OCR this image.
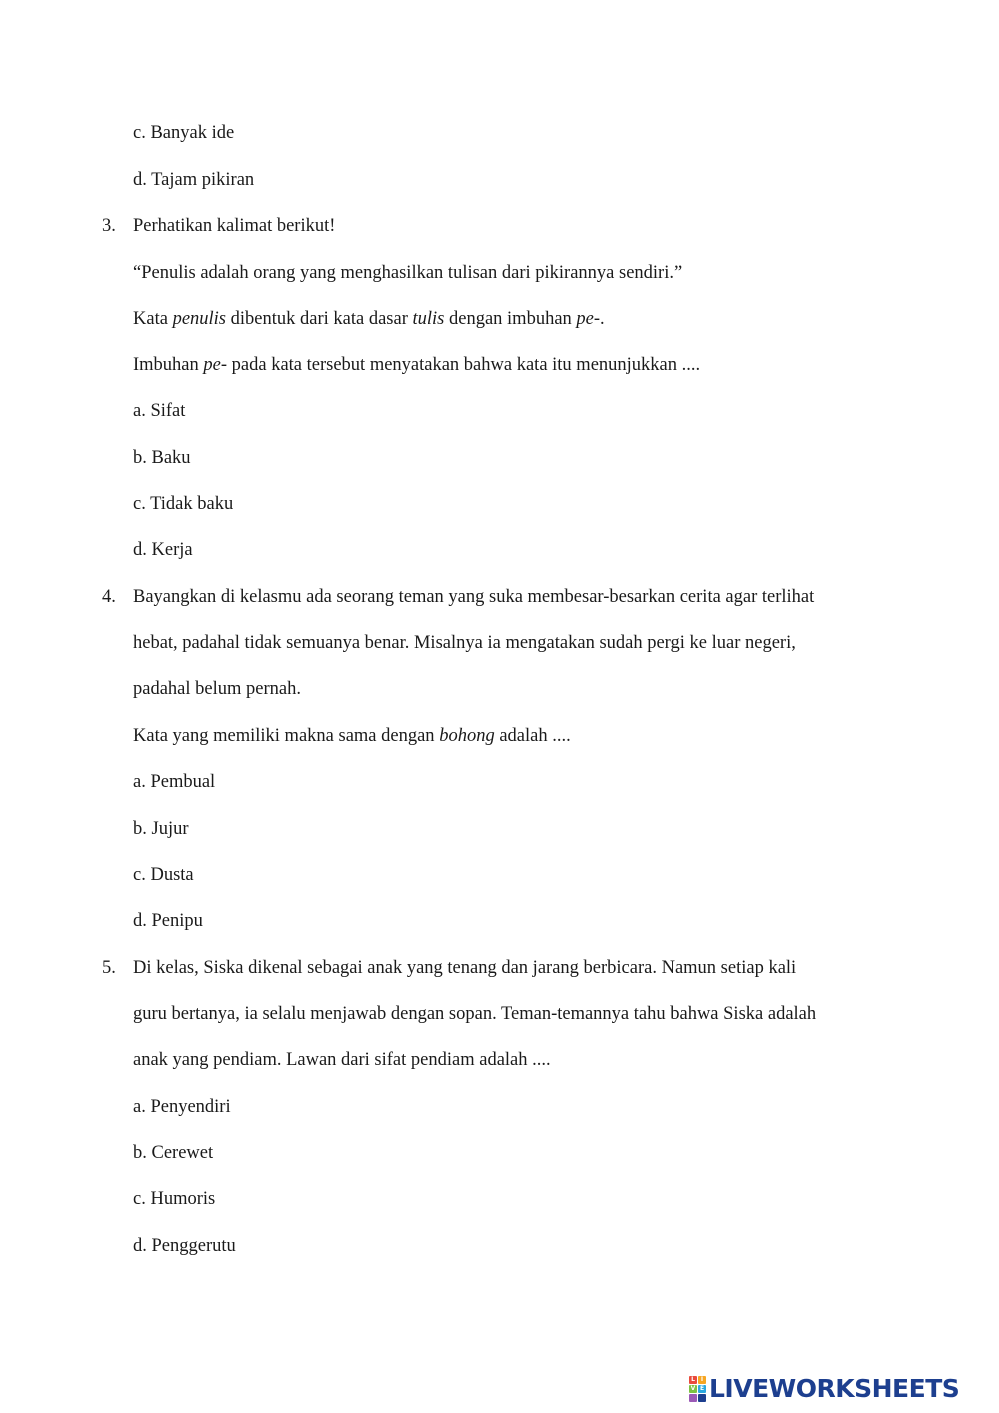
c. Banyak ide
d. Tajam pikiran
3. Perhatikan kalimat berikut!
“Penulis adalah orang yang menghasilkan tulisan dari pikirannya sendiri.”
Kata penulis dibentuk dari kata dasar tulis dengan imbuhan pe-.
Imbuhan pe- pada kata tersebut menyatakan bahwa kata itu menunjukkan ....
a. Sifat
b. Baku
c. Tidak baku
d. Kerja
4. Bayangkan di kelasmu ada seorang teman yang suka membesar-besarkan cerita agar terlihat
hebat, padahal tidak semuanya benar. Misalnya ia mengatakan sudah pergi ke luar negeri,
padahal belum pernah.
Kata yang memiliki makna sama dengan bohong adalah ....
a. Pembual
b. Jujur
c. Dusta
d. Penipu
5. Di kelas, Siska dikenal sebagai anak yang tenang dan jarang berbicara. Namun setiap kali
guru bertanya, ia selalu menjawab dengan sopan. Teman-temannya tahu bahwa Siska adalah
anak yang pendiam. Lawan dari sifat pendiam adalah ....
a. Penyendiri
b. Cerewet
c. Humoris
d. Penggerutu
L I
V E LIVEWORKSHEETS
